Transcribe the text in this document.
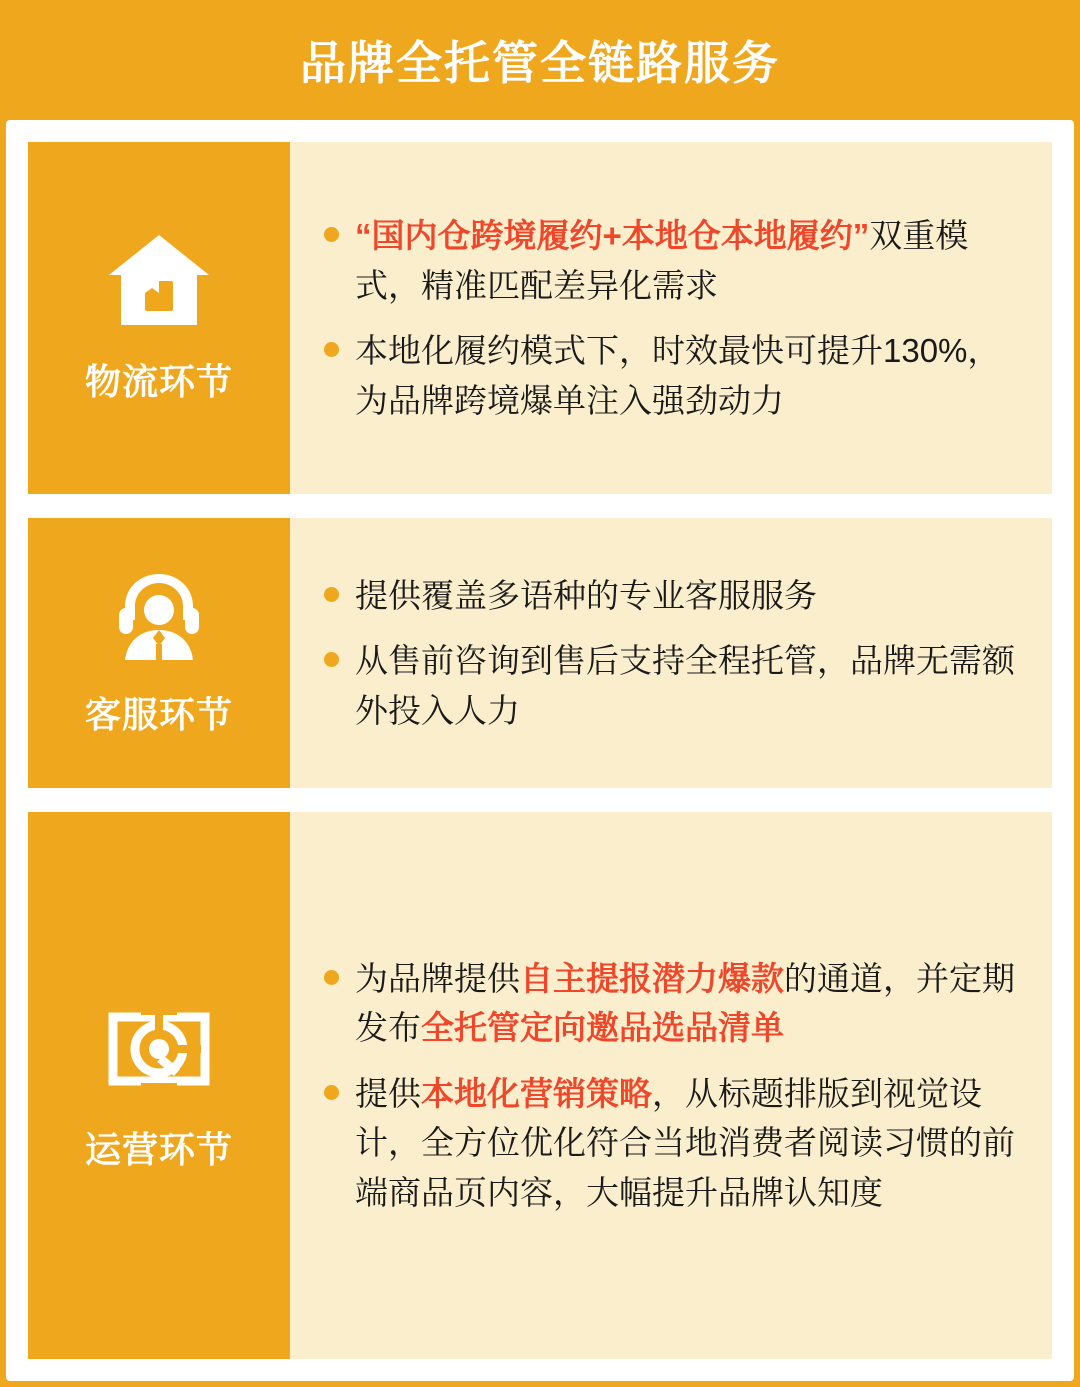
品牌全托管全链路服务
物流环节
“国内仓跨境履约+本地仓本地履约”双重模式，精准匹配差异化需求
本地化履约模式下，时效最快可提升130%，为品牌跨境爆单注入强劲动力
客服环节
提供覆盖多语种的专业客服服务
从售前咨询到售后支持全程托管，品牌无需额外投入人力
运营环节
为品牌提供自主提报潜力爆款的通道，并定期发布全托管定向邀品选品清单
提供本地化营销策略，从标题排版到视觉设计，全方位优化符合当地消费者阅读习惯的前端商品页内容，大幅提升品牌认知度
